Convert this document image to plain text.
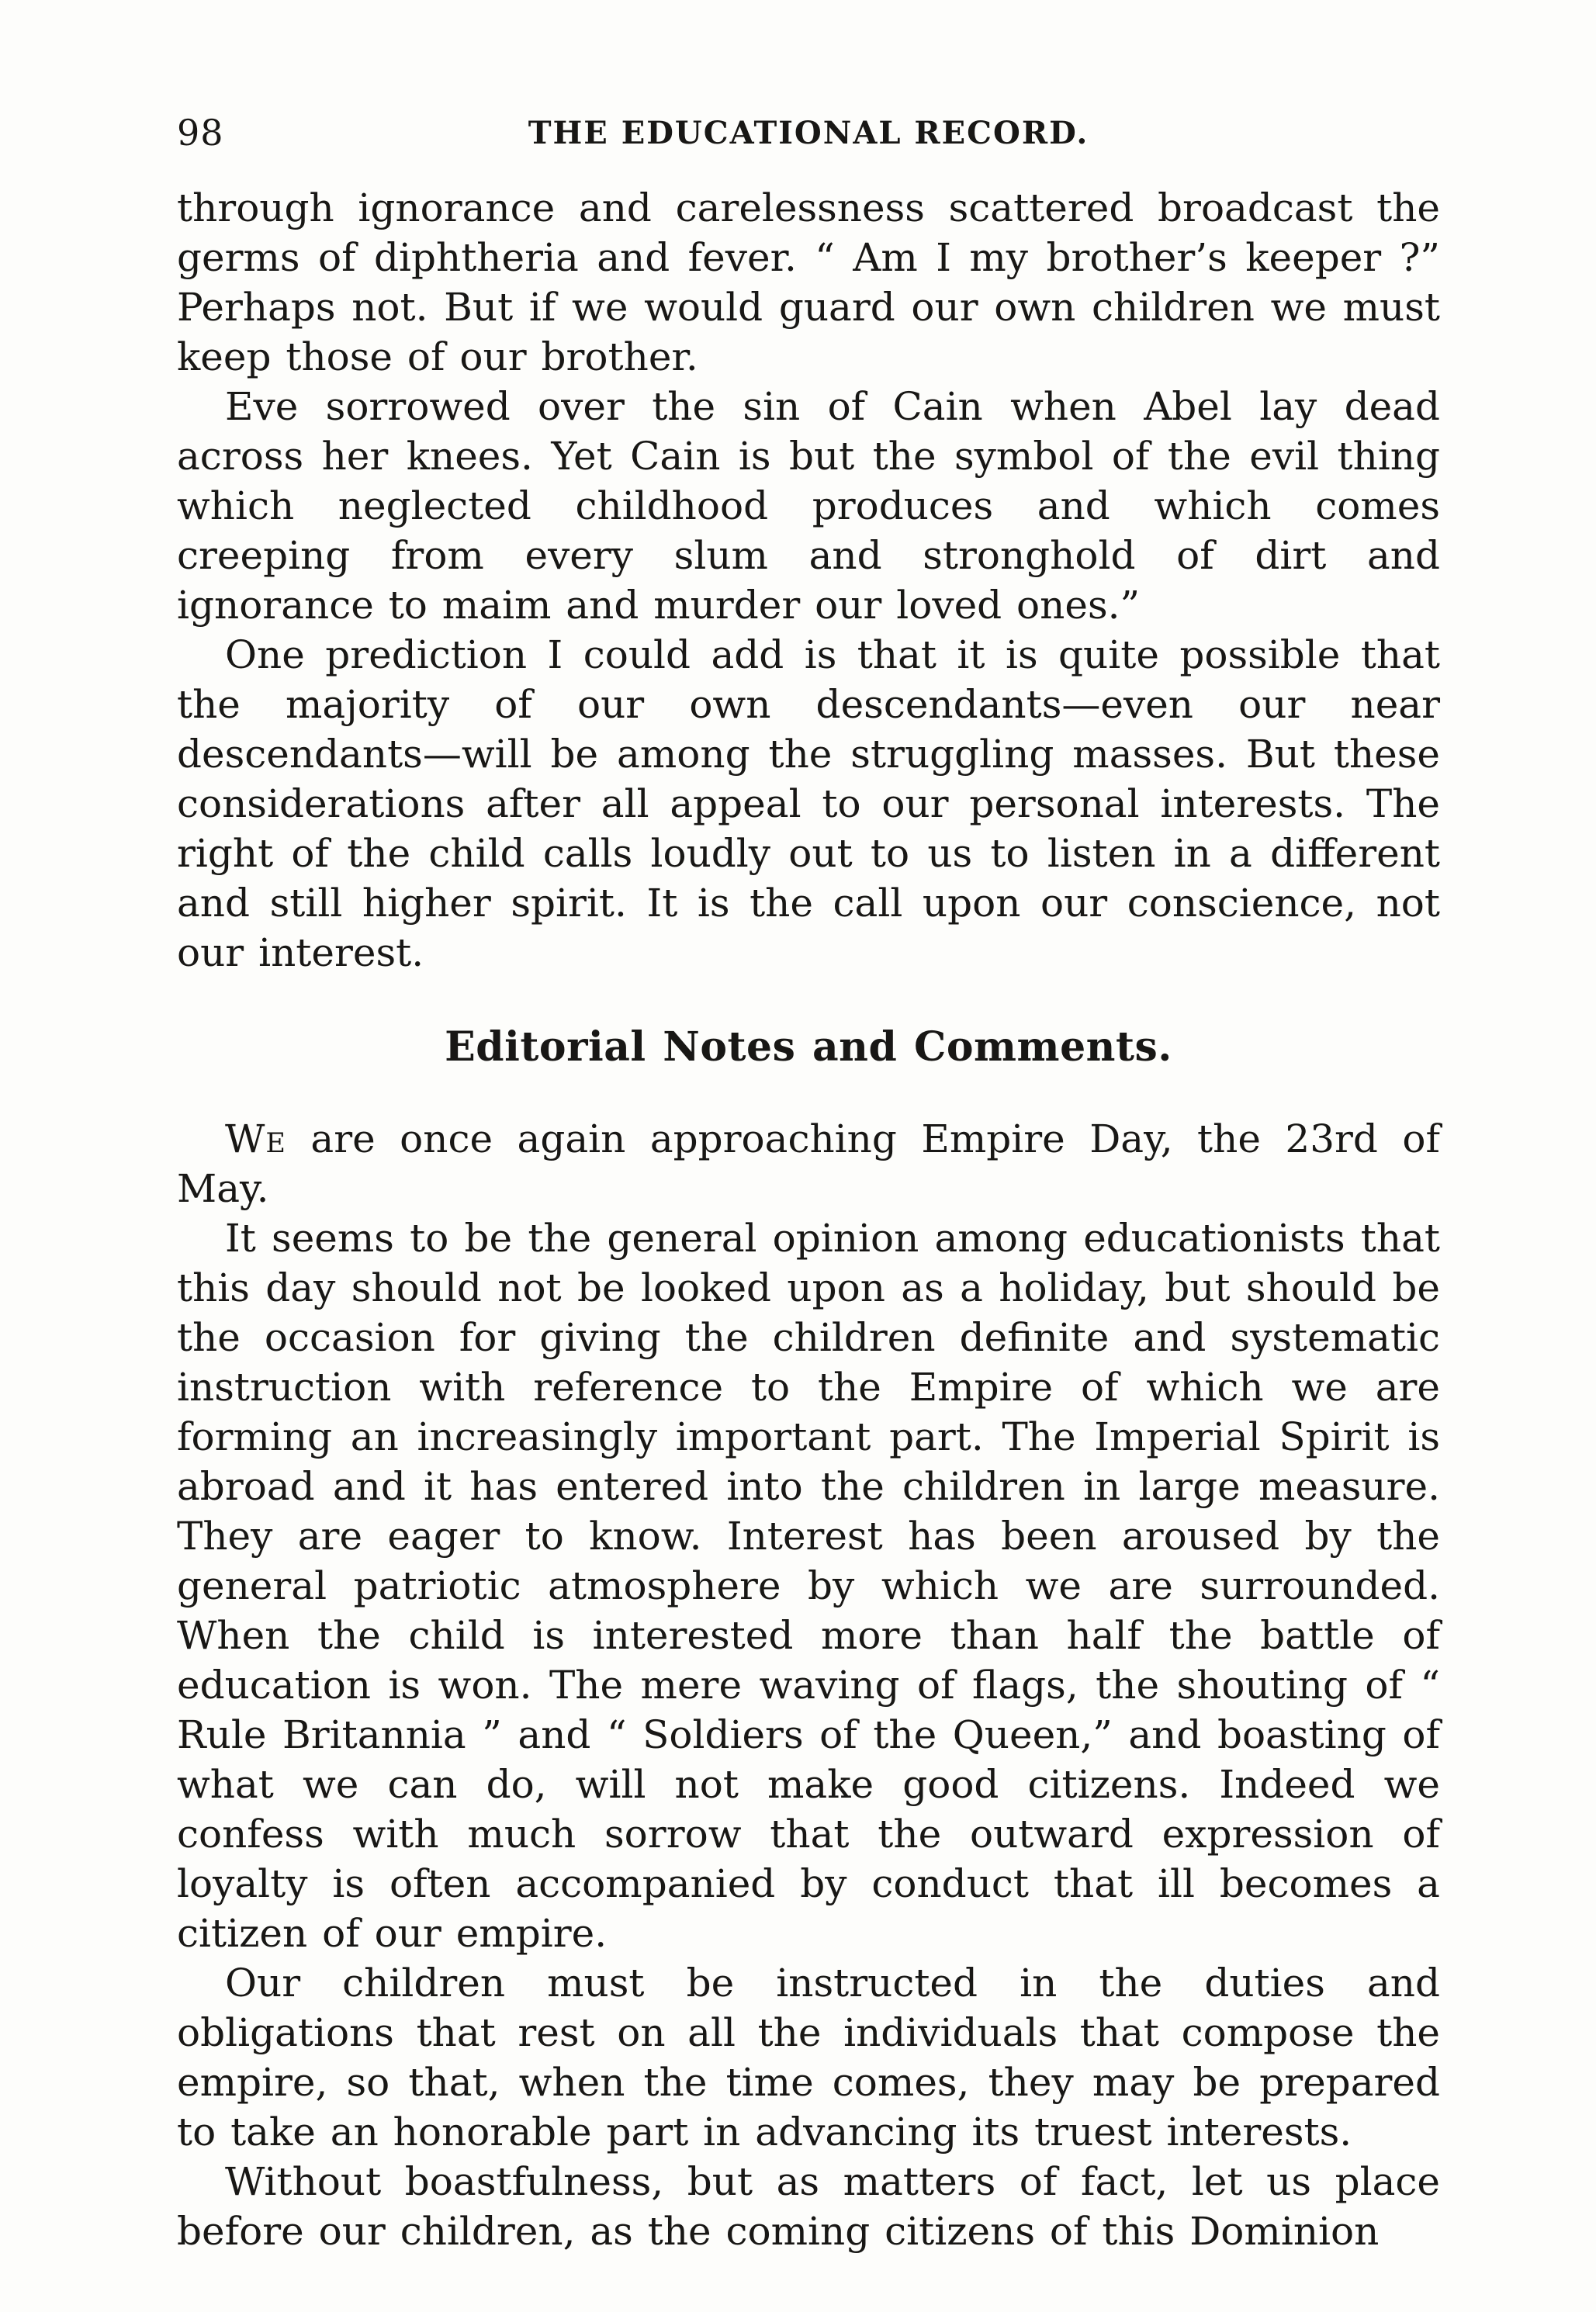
98	THE EDUCATIONAL RECORD.

through ignorance and carelessness scattered broadcast the germs of diphtheria and fever. “ Am I my brother’s keeper ?” Perhaps not. But if we would guard our own children we must keep those of our brother.

Eve sorrowed over the sin of Cain when Abel lay dead across her knees. Yet Cain is but the symbol of the evil thing which neglected childhood produces and which comes creeping from every slum and stronghold of dirt and ignorance to maim and murder our loved ones.”

One prediction I could add is that it is quite possible that the majority of our own descendants—even our near descendants—will be among the struggling masses. But these considerations after all appeal to our personal interests. The right of the child calls loudly out to us to listen in a different and still higher spirit. It is the call upon our conscience, not our interest.

Editorial Notes and Comments.

We are once again approaching Empire Day, the 23rd of May.

It seems to be the general opinion among educationists that this day should not be looked upon as a holiday, but should be the occasion for giving the children definite and systematic instruction with reference to the Empire of which we are forming an increasingly important part. The Imperial Spirit is abroad and it has entered into the children in large measure. They are eager to know. Interest has been aroused by the general patriotic atmosphere by which we are surrounded. When the child is interested more than half the battle of education is won. The mere waving of flags, the shouting of “ Rule Britannia ” and “ Soldiers of the Queen,” and boasting of what we can do, will not make good citizens. Indeed we confess with much sorrow that the outward expression of loyalty is often accompanied by conduct that ill becomes a citizen of our empire.

Our children must be instructed in the duties and obligations that rest on all the individuals that compose the empire, so that, when the time comes, they may be prepared to take an honorable part in advancing its truest interests.

Without boastfulness, but as matters of fact, let us place before our children, as the coming citizens of this Dominion
